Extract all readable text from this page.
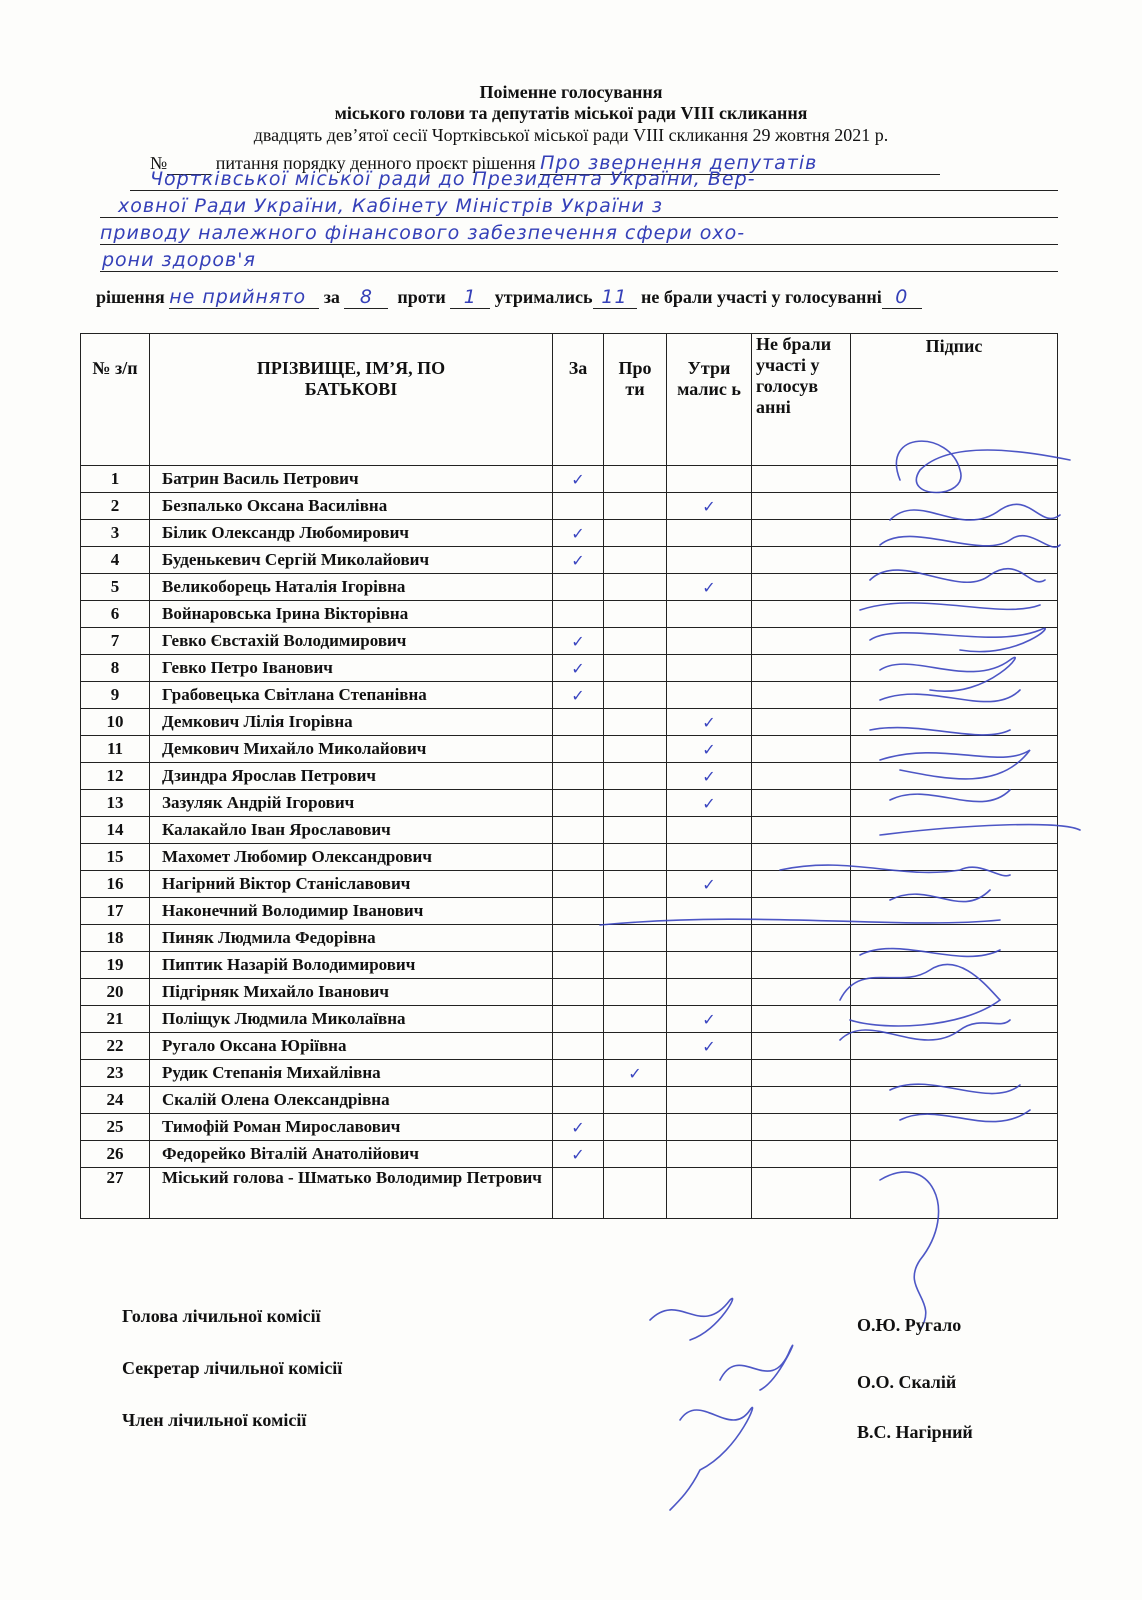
Поіменне голосування
міського голови та депутатів міської ради VIII скликання
двадцять дев’ятої сесії Чортківської міської ради VIII скликання 29 жовтня 2021 р.
№	питання порядку денного проєкт рішення Про звернення депутатів
Чортківської міської ради до Президента України, Вер-
ховної Ради України, Кабінету Міністрів України з
приводу належного фінансового забезпечення сфери охо-
рони здоров'я
рішення не прийнято за 8 проти 1 утримались 11 не брали участі у голосуванні 0
№ з/п	ПРІЗВИЩЕ, ІМ’Я, ПО БАТЬКОВІ	За	Про ти	Утри малис ь	Не брали участі у голосув анні	Підпис

1	Батрин Василь Петрович	✓				
2	Безпалько Оксана Василівна			✓		
3	Білик Олександр Любомирович	✓				
4	Буденькевич Сергій Миколайович	✓				
5	Великоборець Наталія Ігорівна			✓		
6	Войнаровська Ірина Вікторівна					
7	Гевко Євстахій Володимирович	✓				
8	Гевко Петро Іванович	✓				
9	Грабовецька Світлана Степанівна	✓				
10	Демкович Лілія Ігорівна			✓		
11	Демкович Михайло Миколайович			✓		
12	Дзиндра Ярослав Петрович			✓		
13	Зазуляк Андрій Ігорович			✓		
14	Калакайло Іван Ярославович					
15	Махомет Любомир Олександрович					
16	Нагірний Віктор Станіславович			✓		
17	Наконечний Володимир Іванович					
18	Пиняк Людмила Федорівна					
19	Пиптик Назарій Володимирович					
20	Підгірняк Михайло Іванович					
21	Поліщук Людмила Миколаївна			✓		
22	Ругало Оксана Юріївна			✓		
23	Рудик Степанія Михайлівна		✓			
24	Скалій Олена Олександрівна					
25	Тимофій Роман Мирославович	✓				
26	Федорейко Віталій Анатолійович	✓				
27	Міський голова - Шматько Володимир Петрович					
Голова лічильної комісії	О.Ю. Ругало
Секретар лічильної комісії
О.О. Скалій
Член лічильної комісії
В.С. Нагірний
